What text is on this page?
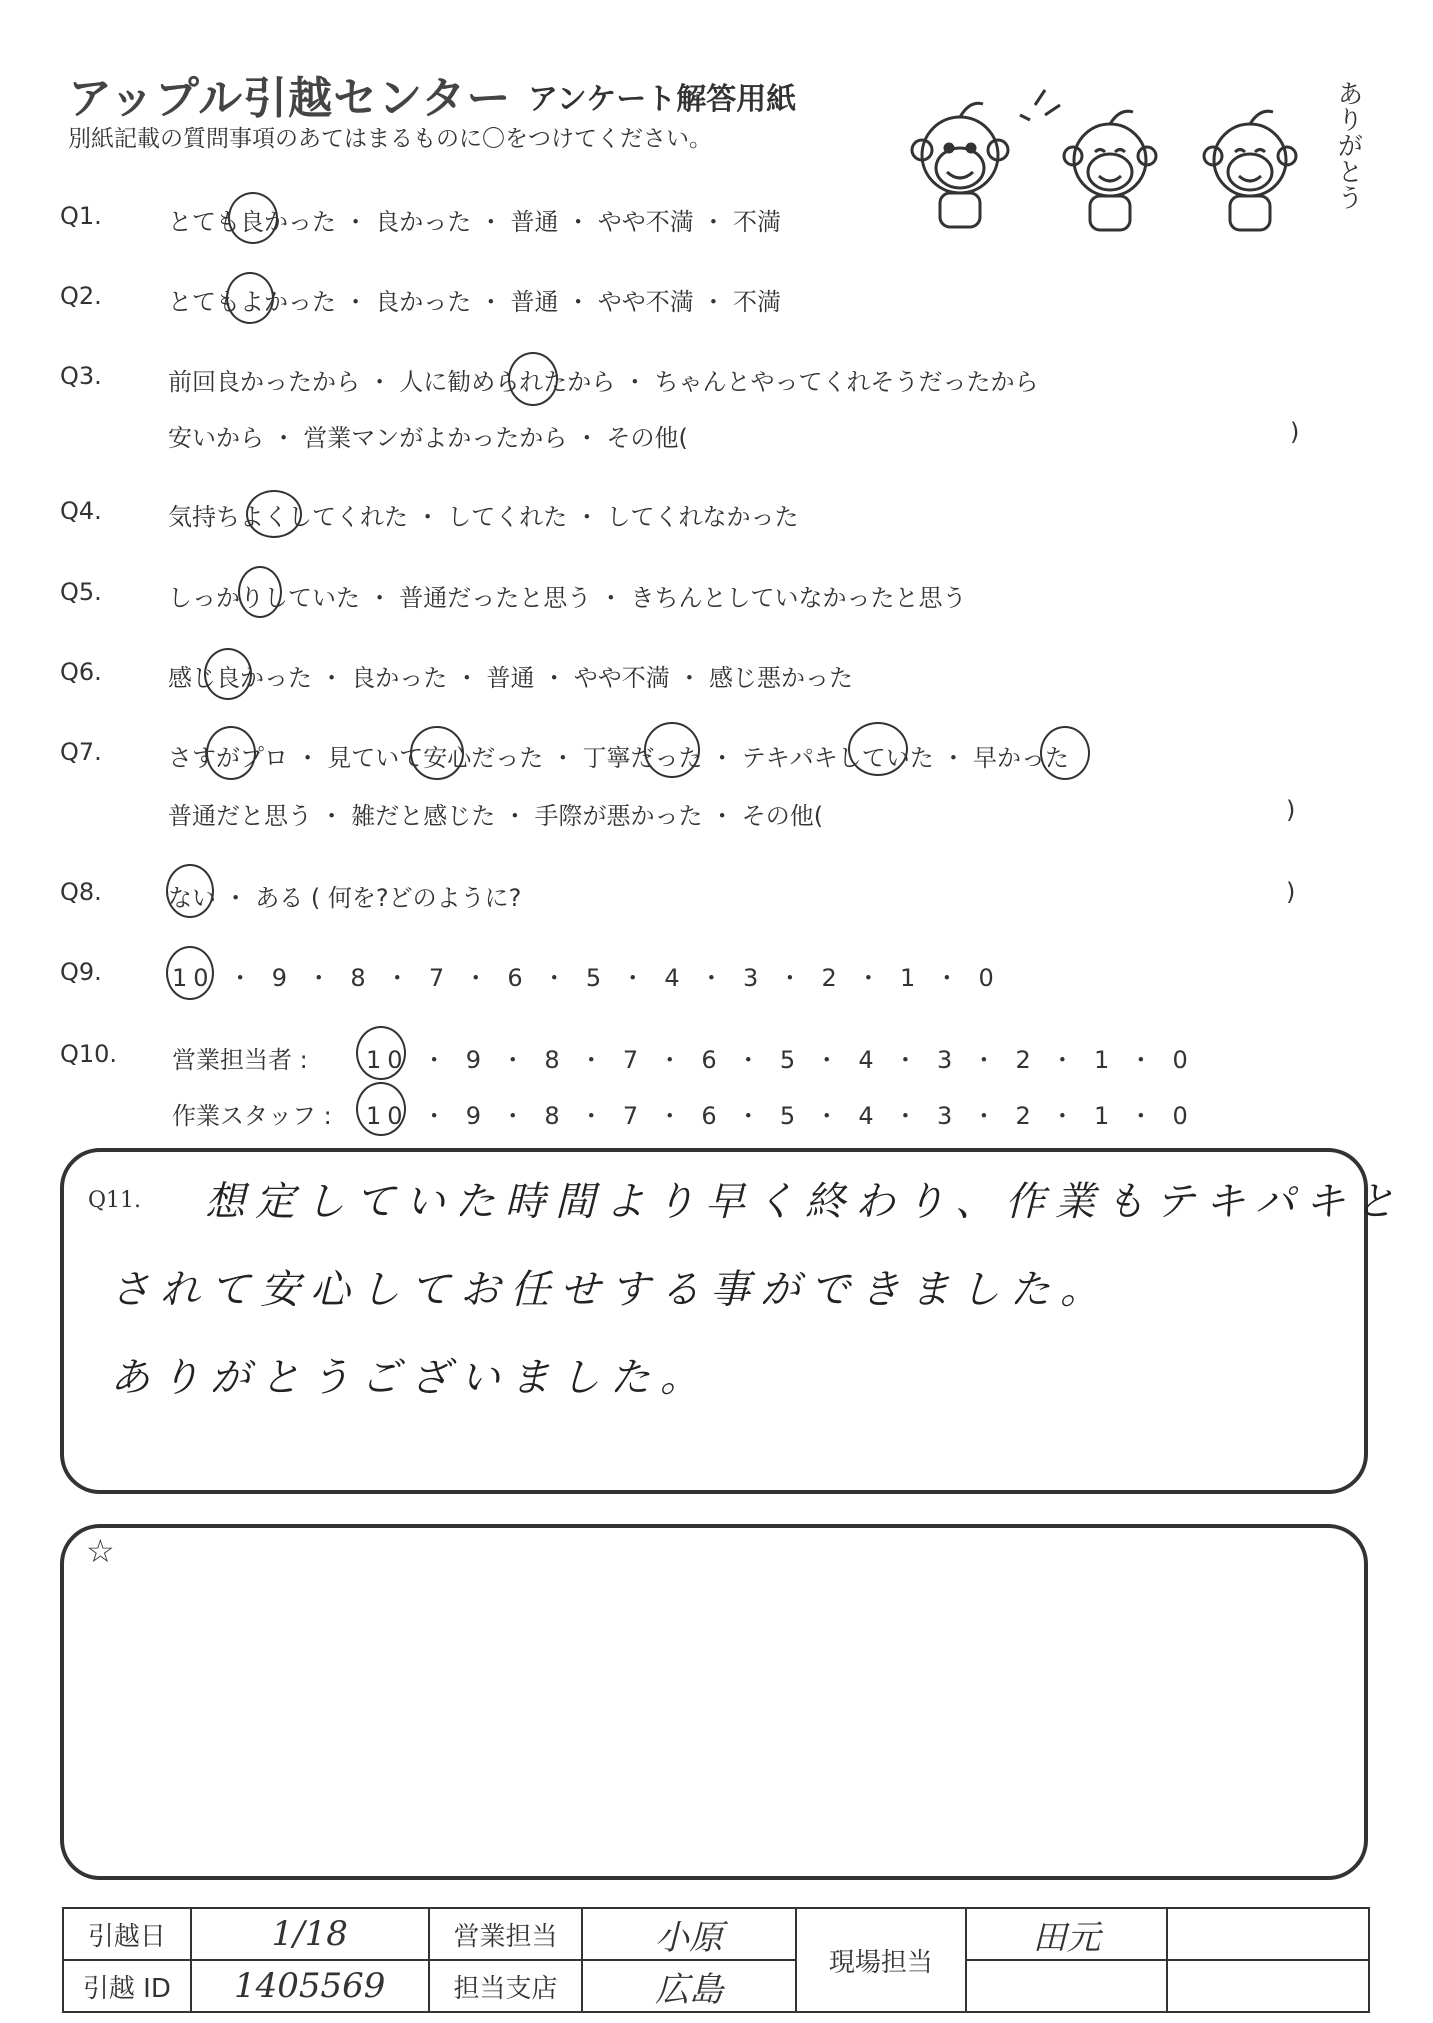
アップル引越センター アンケート解答用紙
別紙記載の質問事項のあてはまるものに〇をつけてください。	ありがとう
Q1.	とても良かった ・ 良かった ・ 普通 ・ やや不満 ・ 不満
Q2.	とてもよかった ・ 良かった ・ 普通 ・ やや不満 ・ 不満
Q3.	前回良かったから ・ 人に勧められたから ・ ちゃんとやってくれそうだったから
安いから ・ 営業マンがよかったから ・ その他(	)
Q4.	気持ちよくしてくれた ・ してくれた ・ してくれなかった
Q5.	しっかりしていた ・ 普通だったと思う ・ きちんとしていなかったと思う
Q6.	感じ良かった ・ 良かった ・ 普通 ・ やや不満 ・ 感じ悪かった
Q7.	さすがプロ ・ 見ていて安心だった ・ 丁寧だった ・ テキパキしていた ・ 早かった
普通だと思う ・ 雑だと感じた ・ 手際が悪かった ・ その他(	)
Q8.	ない ・ ある ( 何を?どのように?	)
Q9.	10 ・ 9 ・ 8 ・ 7 ・ 6 ・ 5 ・ 4 ・ 3 ・ 2 ・ 1 ・ 0
Q10. 営業担当者 : 10 ・ 9 ・ 8 ・ 7 ・ 6 ・ 5 ・ 4 ・ 3 ・ 2 ・ 1 ・ 0
作業スタッフ : 10 ・ 9 ・ 8 ・ 7 ・ 6 ・ 5 ・ 4 ・ 3 ・ 2 ・ 1 ・ 0
Q11. 想定していた時間より早く終わり、作業もテキパキと
されて安心してお任せする事ができました。
ありがとうございました。
☆
引越日	1/18	営業担当	小原	現場担当	田元	
引越 ID	1405569	担当支店	広島			
